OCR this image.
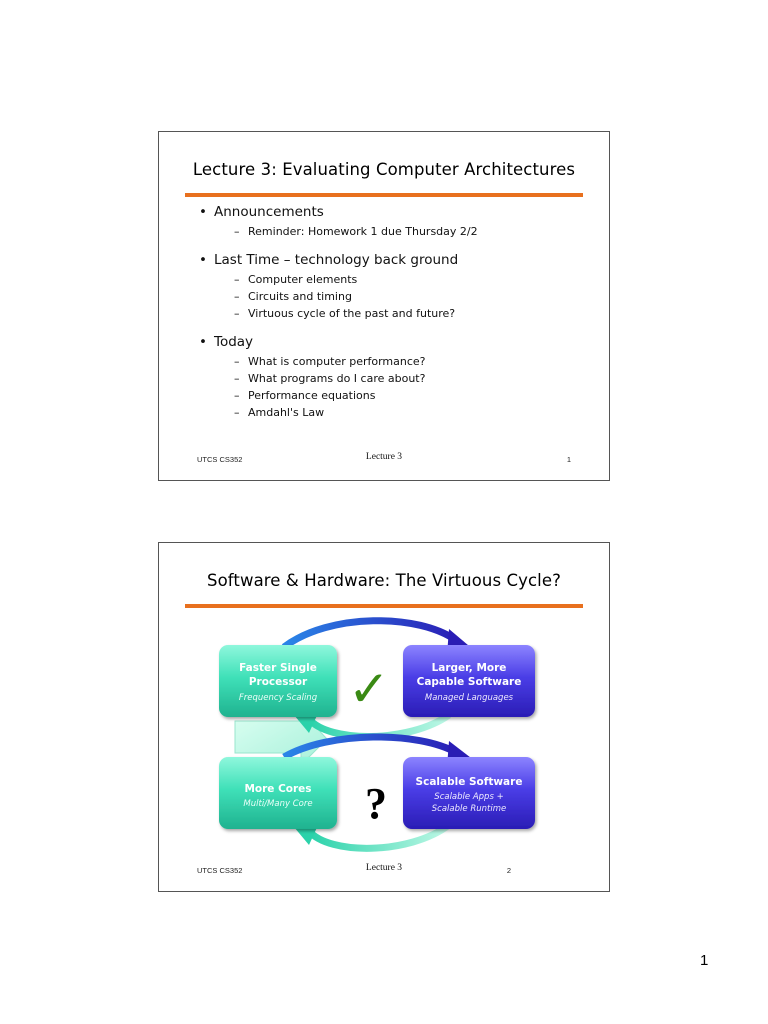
Lecture 3: Evaluating Computer Architectures
• Announcements
– Reminder: Homework 1 due Thursday 2/2
• Last Time – technology back ground
– Computer elements
– Circuits and timing
– Virtuous cycle of the past and future?
• Today
– What is computer performance?
– What programs do I care about?
– Performance equations
– Amdahl's Law
UTCS CS352	Lecture 3	1
Software & Hardware: The Virtuous Cycle?
Faster Single
Processor
Frequency Scaling
Larger, More
Capable Software
Managed Languages
More Cores
Multi/Many Core
Scalable Software
Scalable Apps +
Scalable Runtime
✓
?
UTCS CS352	Lecture 3	2
1
